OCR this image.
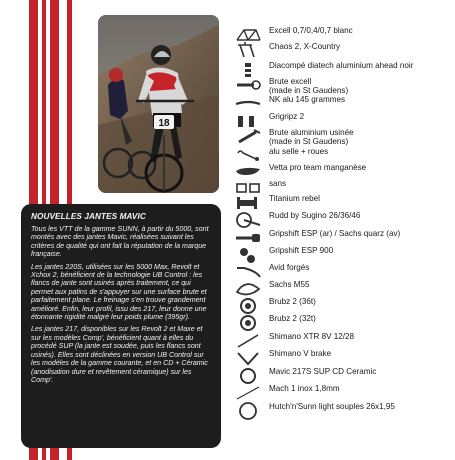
18
NOUVELLES JANTES MAVIC

Tous les VTT de la gamme SUNN, à partir du 5000, sont montés avec des jantes Mavic, réalisées suivant les critères de qualité qui ont fait la réputation de la marque française.

Les jantes 220S, utilisées sur les 5000 Max, Revolt et Xchox 2, bénéficient de la technologie UB Control : les flancs de jante sont usinés après traitement, ce qui permet aux patins de s'appuyer sur une surface brute et parfaitement plane. Le freinage s'en trouve grandement amélioré. Enfin, leur profil, issu des 217, leur donne une étonnante rigidité malgré leur poids plume (395gr).

Les jantes 217, disponibles sur les Revolt 2 et Maxe et sur les modèles Comp', bénéficient quant à elles du procédé SUP (la jante est soudée, puis les flancs sont usinés). Elles sont déclinées en version UB Control sur les modèles de la gamme courante, et en CD + Céramic (anodisation dure et revêtement céramique) sur les Comp'.

Excell 0,7/0,4/0,7 blanc
Chaos 2, X-Country
Diacompé diatech aluminium ahead noir
Brute excell
(made in St Gaudens)
NK alu 145 grammes
Grigripz 2
Brute aluminium usinée
(made in St Gaudens)
alu selle + roues
Vetta pro team manganèse
sans
Titanium rebel
Rudd by Sugino 26/36/46
Gripshift ESP (ar) / Sachs quarz (av)
Gripshift ESP 900
Avid forgés
Sachs M55
Brubz 2 (36t)
Brubz 2 (32t)
Shimano XTR 8V 12/28
Shimano V brake
Mavic 217S SUP CD Ceramic
Mach 1 inox 1,8mm
Hutch'n'Sunn light souples 26x1,95
